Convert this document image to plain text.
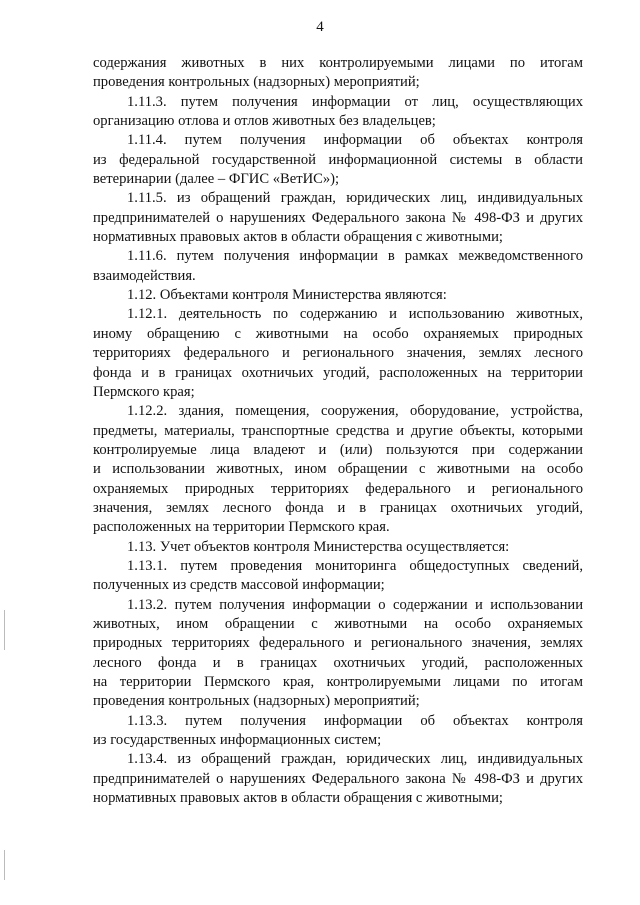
4
содержания животных в них контролируемыми лицами по итогам
проведения контрольных (надзорных) мероприятий;
1.11.3. путем получения информации от лиц, осуществляющих
организацию отлова и отлов животных без владельцев;
1.11.4. путем получения информации об объектах контроля
из федеральной государственной информационной системы в области
ветеринарии (далее – ФГИС «ВетИС»);
1.11.5. из обращений граждан, юридических лиц, индивидуальных
предпринимателей о нарушениях Федерального закона № 498-ФЗ и других
нормативных правовых актов в области обращения с животными;
1.11.6. путем получения информации в рамках межведомственного
взаимодействия.
1.12. Объектами контроля Министерства являются:
1.12.1. деятельность по содержанию и использованию животных,
иному обращению с животными на особо охраняемых природных
территориях федерального и регионального значения, землях лесного
фонда и в границах охотничьих угодий, расположенных на территории
Пермского края;
1.12.2. здания, помещения, сооружения, оборудование, устройства,
предметы, материалы, транспортные средства и другие объекты, которыми
контролируемые лица владеют и (или) пользуются при содержании
и использовании животных, ином обращении с животными на особо
охраняемых природных территориях федерального и регионального
значения, землях лесного фонда и в границах охотничьих угодий,
расположенных на территории Пермского края.
1.13. Учет объектов контроля Министерства осуществляется:
1.13.1. путем проведения мониторинга общедоступных сведений,
полученных из средств массовой информации;
1.13.2. путем получения информации о содержании и использовании
животных, ином обращении с животными на особо охраняемых
природных территориях федерального и регионального значения, землях
лесного фонда и в границах охотничьих угодий, расположенных
на территории Пермского края, контролируемыми лицами по итогам
проведения контрольных (надзорных) мероприятий;
1.13.3. путем получения информации об объектах контроля
из государственных информационных систем;
1.13.4. из обращений граждан, юридических лиц, индивидуальных
предпринимателей о нарушениях Федерального закона № 498-ФЗ и других
нормативных правовых актов в области обращения с животными;
